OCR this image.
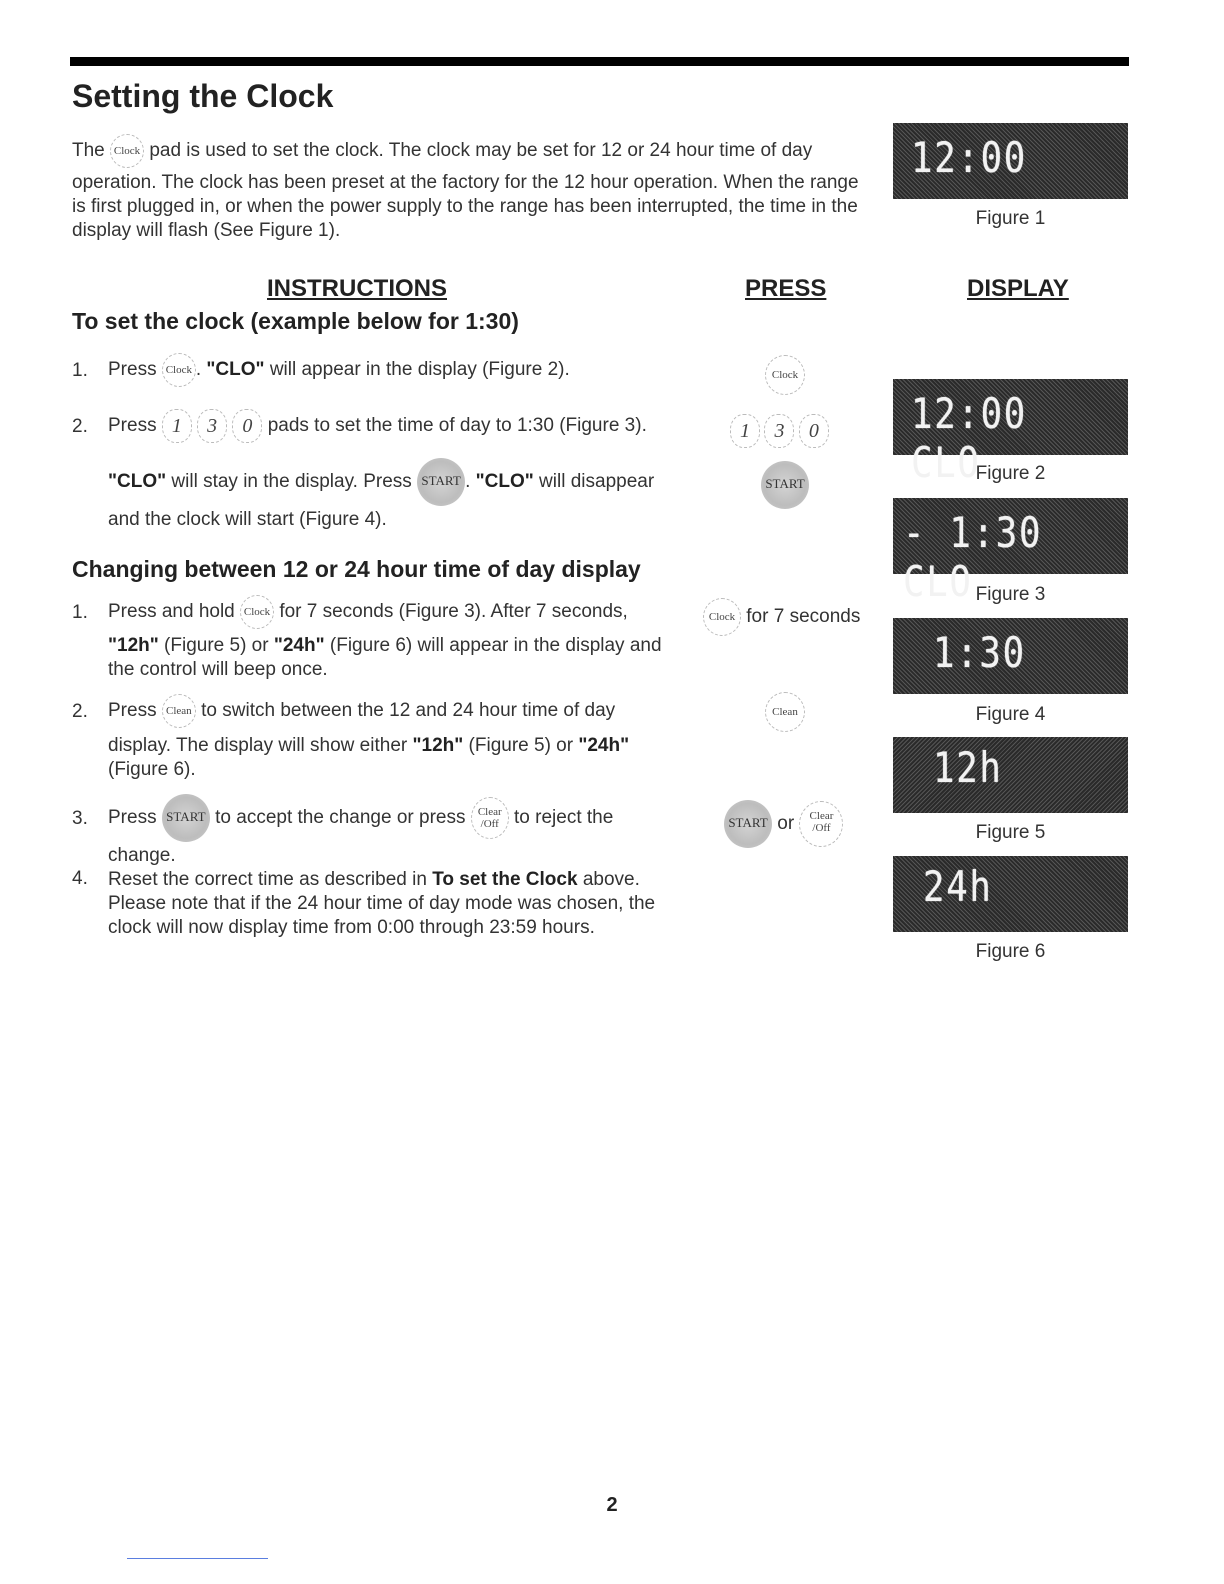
Setting the Clock
The Clock pad is used to set the clock. The clock may be set for 12 or 24 hour time of day
operation. The clock has been preset at the factory for the 12 hour operation. When the range is first plugged in, or when the power supply to the range has been interrupted, the time in the display will flash (See Figure 1).
INSTRUCTIONS	PRESS	DISPLAY
To set the clock (example below for 1:30)
1. Press Clock . "CLO" will appear in the display (Figure 2).
2. Press 1 3 0 pads to set the time of day to 1:30 (Figure 3).
"CLO" will stay in the display. Press START . "CLO" will disappear
and the clock will start (Figure 4).
Changing between 12 or 24 hour time of day display
1. Press and hold Clock for 7 seconds (Figure 3). After 7 seconds,
"12h" (Figure 5) or "24h" (Figure 6) will appear in the display and
the control will beep once.
2. Press Clean to switch between the 12 and 24 hour time of day
display. The display will show either "12h" (Figure 5) or "24h"
(Figure 6).
3. Press START to accept the change or press Clear
/Off to reject the
change.
4. Reset the correct time as described in To set the Clock above.
Please note that if the 24 hour time of day mode was chosen, the
clock will now display time from 0:00 through 23:59 hours.
Clock
1 3 0
START
Clock for 7 seconds
Clean
START or Clear
/Off
12:00
Figure 1
12:00 CLO
Figure 2
- 1:30 CLO Figure 3
1:30
Figure 4
12h
Figure 5
24h
Figure 6
2
